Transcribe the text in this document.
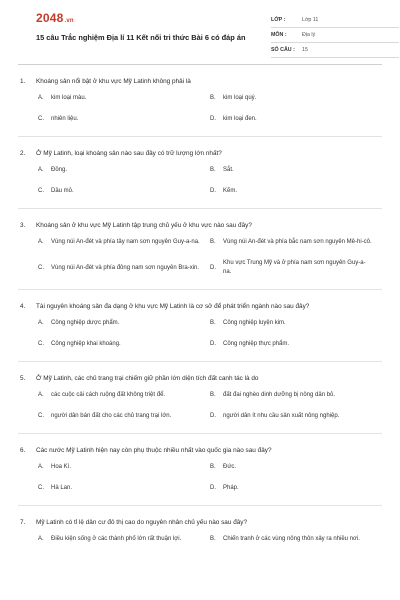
2048.vn
15 câu Trắc nghiệm Địa lí 11 Kết nối tri thức Bài 6 có đáp án
LỚP :	Lớp 11
MÔN :	Địa lý
SỐ CÂU :	15
1.	Khoáng sản nổi bật ở khu vực Mỹ Latinh không phải là
A.	kim loại màu.	B.	kim loại quý.
C.	nhiên liệu.	D.	kim loại đen.
2.	Ở Mỹ Latinh, loại khoáng sản nào sau đây có trữ lượng lớn nhất?
A.	Đồng.	B.	Sắt.
C.	Dầu mỏ.	D.	Kẽm.
3.	Khoáng sản ở khu vực Mỹ Latinh tập trung chủ yếu ở khu vực nào sau đây?
A.	Vùng núi An-đét và phía tây nam sơn nguyên Guy-a-na. B.	Vùng núi An-đét và phía bắc nam sơn nguyên Mê-hi-cô.
C.	Vùng núi An-đét và phía đông nam sơn nguyên Bra-xin. D.
Khu vực Trung Mỹ và ở phía nam sơn nguyên Guy-a-na.
4.	Tài nguyên khoáng sản đa dạng ở khu vực Mỹ Latinh là cơ sở để phát triển ngành nào sau đây?
A.	Công nghiệp dược phẩm.	B.	Công nghiệp luyện kim.
C.	Công nghiệp khai khoáng.	D.	Công nghiệp thực phẩm.
5.	Ở Mỹ Latinh, các chủ trang trại chiếm giữ phần lớn diện tích đất canh tác là do
A.	các cuộc cải cách ruộng đất không triệt để.	B.	đất đai nghèo dinh dưỡng bị nông dân bỏ.
C.	người dân bán đất cho các chủ trang trại lớn.	D.	người dân ít nhu cầu sản xuất nông nghiệp.
6.	Các nước Mỹ Latinh hiện nay còn phụ thuộc nhiều nhất vào quốc gia nào sau đây?
A.	Hoa Kì.	B.	Đức.
C.	Hà Lan.	D.	Pháp.
7.	Mỹ Latinh có tỉ lệ dân cư đô thị cao do nguyên nhân chủ yếu nào sau đây?
A.	Điều kiện sống ở các thành phố lớn rất thuận lợi.	B.	Chiến tranh ở các vùng nông thôn xảy ra nhiều nơi.
